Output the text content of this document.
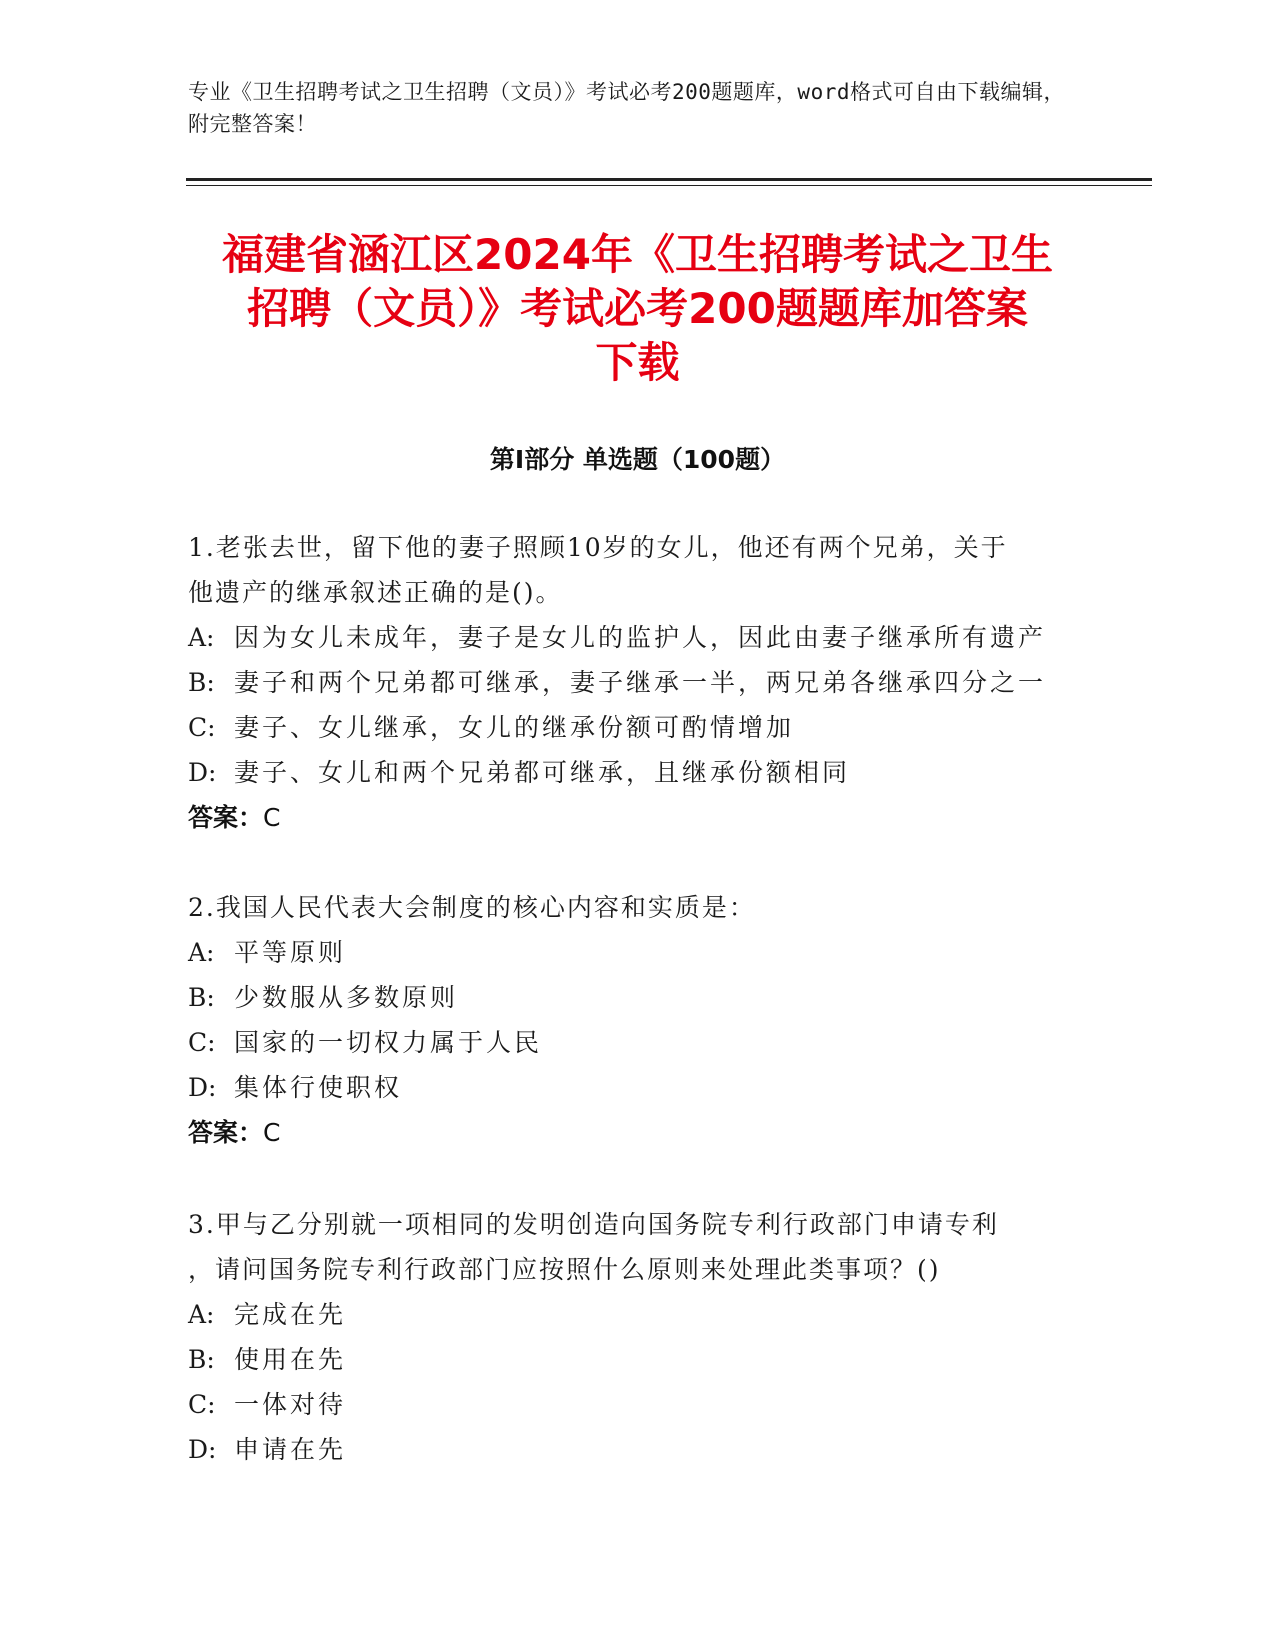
专业《卫生招聘考试之卫生招聘（文员）》考试必考200题题库，word格式可自由下载编辑，附完整答案！
福建省涵江区2024年《卫生招聘考试之卫生
招聘（文员）》考试必考200题题库加答案
下载
第Ⅰ部分 单选题（100题）
1.老张去世，留下他的妻子照顾10岁的女儿，他还有两个兄弟，关于
他遗产的继承叙述正确的是()。
A: 因为女儿未成年，妻子是女儿的监护人，因此由妻子继承所有遗产
B: 妻子和两个兄弟都可继承，妻子继承一半，两兄弟各继承四分之一
C: 妻子、女儿继承，女儿的继承份额可酌情增加
D: 妻子、女儿和两个兄弟都可继承，且继承份额相同
答案：C
2.我国人民代表大会制度的核心内容和实质是：
A: 平等原则
B: 少数服从多数原则
C: 国家的一切权力属于人民
D: 集体行使职权
答案：C
3.甲与乙分别就一项相同的发明创造向国务院专利行政部门申请专利
，请问国务院专利行政部门应按照什么原则来处理此类事项？()
A: 完成在先
B: 使用在先
C: 一体对待
D: 申请在先
